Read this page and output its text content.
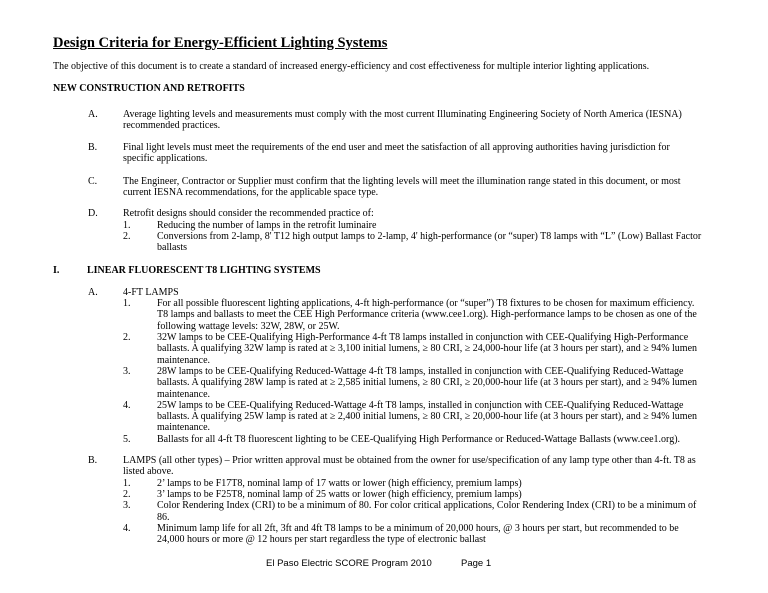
Design Criteria for Energy-Efficient Lighting Systems
The objective of this document is to create a standard of increased energy-efficiency and cost effectiveness for multiple interior lighting applications.
NEW CONSTRUCTION AND RETROFITS
A.	Average lighting levels and measurements must comply with the most current Illuminating Engineering Society of North America (IESNA) recommended practices.
B.	Final light levels must meet the requirements of the end user and meet the satisfaction of all approving authorities having jurisdiction for specific applications.
C.	The Engineer, Contractor or Supplier must confirm that the lighting levels will meet the illumination range stated in this document, or most current IESNA recommendations, for the applicable space type.
D.	Retrofit designs should consider the recommended practice of:
1.	Reducing the number of lamps in the retrofit luminaire
2.	Conversions from 2-lamp, 8' T12 high output lamps to 2-lamp, 4' high-performance (or “super) T8 lamps with “L” (Low) Ballast Factor ballasts
I.	LINEAR FLUORESCENT T8 LIGHTING SYSTEMS
A.	4-FT LAMPS
1.	For all possible fluorescent lighting applications, 4-ft high-performance (or “super”) T8 fixtures to be chosen for maximum efficiency. T8 lamps and ballasts to meet the CEE High Performance criteria (www.cee1.org). High-performance lamps to be chosen as one of the following wattage levels: 32W, 28W, or 25W.
2.	32W lamps to be CEE-Qualifying High-Performance 4-ft T8 lamps installed in conjunction with CEE-Qualifying High-Performance ballasts. A qualifying 32W lamp is rated at ≥ 3,100 initial lumens, ≥ 80 CRI, ≥ 24,000-hour life (at 3 hours per start), and ≥ 94% lumen maintenance.
3.	28W lamps to be CEE-Qualifying Reduced-Wattage 4-ft T8 lamps, installed in conjunction with CEE-Qualifying Reduced-Wattage ballasts. A qualifying 28W lamp is rated at ≥ 2,585 initial lumens, ≥ 80 CRI, ≥ 20,000-hour life (at 3 hours per start), and ≥ 94% lumen maintenance.
4.	25W lamps to be CEE-Qualifying Reduced-Wattage 4-ft T8 lamps, installed in conjunction with CEE-Qualifying Reduced-Wattage ballasts. A qualifying 25W lamp is rated at ≥ 2,400 initial lumens, ≥ 80 CRI, ≥ 20,000-hour life (at 3 hours per start), and ≥ 94% lumen maintenance.
5.	Ballasts for all 4-ft T8 fluorescent lighting to be CEE-Qualifying High Performance or Reduced-Wattage Ballasts (www.cee1.org).
B.	LAMPS (all other types) – Prior written approval must be obtained from the owner for use/specification of any lamp type other than 4-ft. T8 as listed above.
1.	2’ lamps to be F17T8, nominal lamp of 17 watts or lower (high efficiency, premium lamps)
2.	3’ lamps to be F25T8, nominal lamp of 25 watts or lower (high efficiency, premium lamps)
3.	Color Rendering Index (CRI) to be a minimum of 80. For color critical applications, Color Rendering Index (CRI) to be a minimum of 86.
4.	Minimum lamp life for all 2ft, 3ft and 4ft T8 lamps to be a minimum of 20,000 hours, @ 3 hours per start, but recommended to be 24,000 hours or more @ 12 hours per start regardless the type of electronic ballast
El Paso Electric SCORE Program 2010	Page 1
